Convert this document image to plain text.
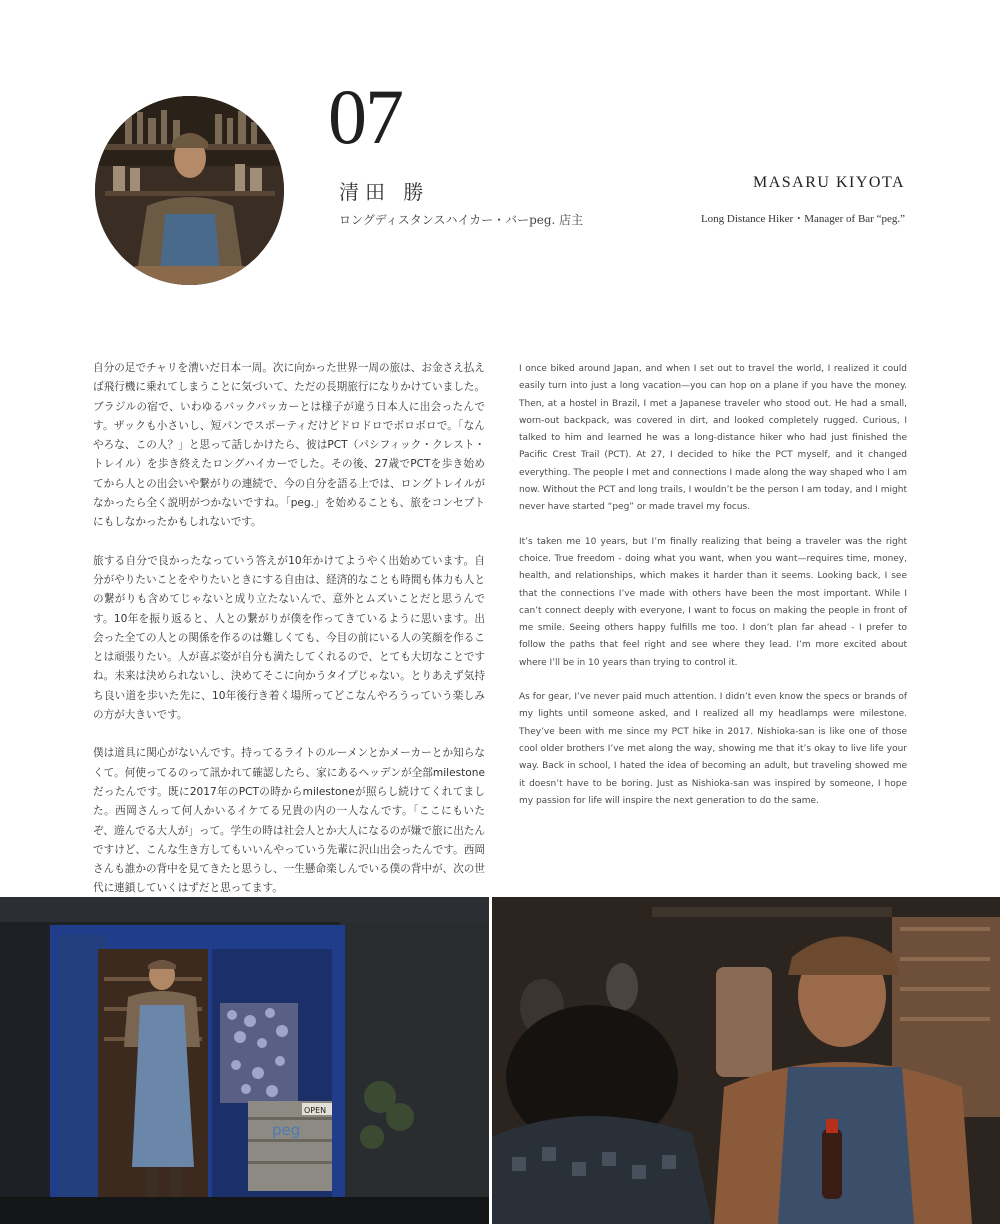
07
清田 勝
ロングディスタンスハイカー・バーpeg. 店主
MASARU KIYOTA
Long Distance Hiker・Manager of Bar “peg.”

自分の足でチャリを漕いだ日本一周。次に向かった世界一周の旅は、お金さえ払えば飛行機に乗れてしまうことに気づいて、ただの長期旅行になりかけていました。ブラジルの宿で、いわゆるバックパッカーとは様子が違う日本人に出会ったんです。ザックも小さいし、短パンでスポーティだけどドロドロでボロボロで。「なんやろな、この人？」と思って話しかけたら、彼はPCT（パシフィック・クレスト・トレイル）を歩き終えたロングハイカーでした。その後、27歳でPCTを歩き始めてから人との出会いや繋がりの連続で、今の自分を語る上では、ロングトレイルがなかったら全く説明がつかないですね。「peg.」を始めることも、旅をコンセプトにもしなかったかもしれないです。

旅する自分で良かったなっていう答えが10年かけてようやく出始めています。自分がやりたいことをやりたいときにする自由は、経済的なことも時間も体力も人との繋がりも含めてじゃないと成り立たないんで、意外とムズいことだと思うんです。10年を振り返ると、人との繋がりが僕を作ってきているように思います。出会った全ての人との関係を作るのは難しくても、今目の前にいる人の笑顔を作ることは頑張りたい。人が喜ぶ姿が自分も満たしてくれるので、とても大切なことですね。未来は決められないし、決めてそこに向かうタイプじゃない。とりあえず気持ち良い道を歩いた先に、10年後行き着く場所ってどこなんやろうっていう楽しみの方が大きいです。

僕は道具に関心がないんです。持ってるライトのルーメンとかメーカーとか知らなくて。何使ってるのって訊かれて確認したら、家にあるヘッデンが全部milestoneだったんです。既に2017年のPCTの時からmilestoneが照らし続けてくれてました。西岡さんって何人かいるイケてる兄貴の内の一人なんです。「ここにもいたぞ、遊んでる大人が」って。学生の時は社会人とか大人になるのが嫌で旅に出たんですけど、こんな生き方してもいいんやっていう先輩に沢山出会ったんです。西岡さんも誰かの背中を見てきたと思うし、一生懸命楽しんでいる僕の背中が、次の世代に連鎖していくはずだと思ってます。

I once biked around Japan, and when I set out to travel the world, I realized it could easily turn into just a long vacation—you can hop on a plane if you have the money. Then, at a hostel in Brazil, I met a Japanese traveler who stood out. He had a small, worn-out backpack, was covered in dirt, and looked completely rugged. Curious, I talked to him and learned he was a long-distance hiker who had just finished the Pacific Crest Trail (PCT). At 27, I decided to hike the PCT myself, and it changed everything. The people I met and connections I made along the way shaped who I am now. Without the PCT and long trails, I wouldn’t be the person I am today, and I might never have started “peg” or made travel my focus.

It’s taken me 10 years, but I’m finally realizing that being a traveler was the right choice. True freedom - doing what you want, when you want—requires time, money, health, and relationships, which makes it harder than it seems. Looking back, I see that the connections I’ve made with others have been the most important. While I can’t connect deeply with everyone, I want to focus on making the people in front of me smile. Seeing others happy fulfills me too. I don’t plan far ahead - I prefer to follow the paths that feel right and see where they lead. I’m more excited about where I’ll be in 10 years than trying to control it.

As for gear, I’ve never paid much attention. I didn’t even know the specs or brands of my lights until someone asked, and I realized all my headlamps were milestone. They’ve been with me since my PCT hike in 2017. Nishioka-san is like one of those cool older brothers I’ve met along the way, showing me that it’s okay to live life your way. Back in school, I hated the idea of becoming an adult, but traveling showed me it doesn’t have to be boring. Just as Nishioka-san was inspired by someone, I hope my passion for life will inspire the next generation to do the same.

peg
OPEN
